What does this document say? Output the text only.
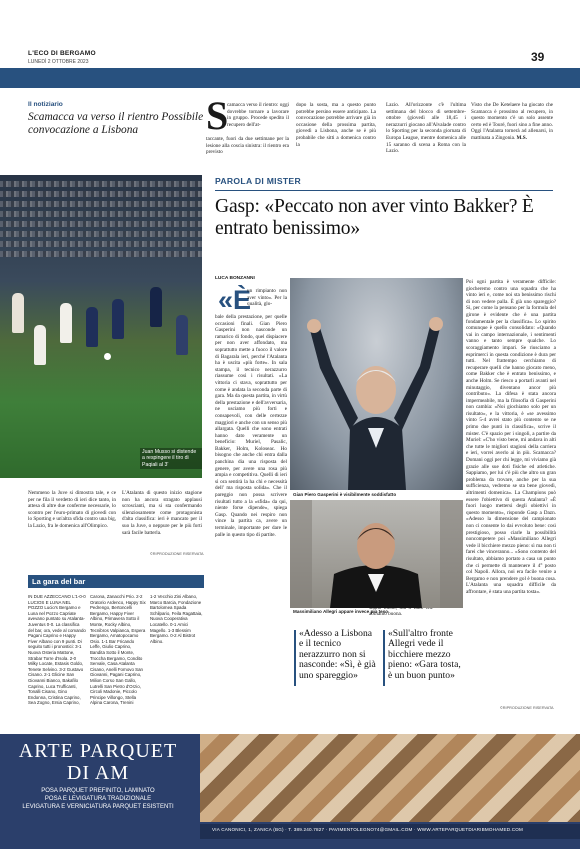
L'ECO DI BERGAMO
LUNEDÌ 2 OTTOBRE 2023	39
Il notiziario
Scamacca va verso il rientro Possibile convocazione a Lisbona	S
camacca verso il rientro: oggi dovrebbe tornare a lavorare in gruppo. Procede spedito il recupero dell'at-
taccante, fuori da due settimane per la lesione alla coscia sinistra: il rientro era previsto
dopo la sosta, ma a questo punto potrebbe persino essere anticipato. La convocazione potrebbe arrivare già in occasione della prossima partita, giovedì a Lisbona, anche se è più probabile che sìtti a domenica contro la
Lazio. All'orizzonte c'è l'ultima settimana del blocco di settembre-ottobre (giovedì alle 18,45 i nerazzurri giocano all'Alvalade contro lo Sporting per la seconda giornata di Europa League, mentre domenica alle 15 saranno di scena a Roma con la Lazio.
Visto che De Ketelaere ha giocato che Scamacca è prossimo al recupero, in questo momento c'è un solo assente certo ed è Touré, fuori sino a fine anno. Oggi l'Atalanta tornerà ad allenarsi, in mattinata a Zingonia. M.S.
Juan Musso si distende a respingere il tiro di Paqiali al 3'
Nemmeno la Juve si dimostra tale, e ce per ne fila il verdetto di ieri dice tanto, in attesa di altre due conferme necessarie, lo scontro per l'euro-primato di giovedì con lo Sporting e un'altra sfida contro una big, la Lazio, fra le domenica all'Olimpico.
L'Atalanta di questo inizio stagione non ha ancora stragato applausi scroscianti, ma si sta confermando silenziosamente come protagonista d'alta classifica: ieri è mancato per il suo la Juve, o neppure per le più forti sarà facile batterla.
©RIPRODUZIONE RISERVATA
La gara del bar
IN DUE AZZECCANO L'1-0-0 LUCIOS E LUNA NEL POZZO Lucio's Bergamo e Luna nel Pozzo Capriate avevano puntato su Atalanta-Juventus 0-0. La classifica del bar, ora, vede al comando Pagani Caprino e Happy Fiver Albano con 9 punti. Di seguito tutti i pronostici: 3-1 Nuova Osteria Mattone, Strabar Torre d'Isola. 2-0 Milky Locate, Estasis Goldo, Tenete Selvino. 3-2 Gustavo Cisano. 2-1 Glicine San Giovanni Bianco, Bakafilo Caprino, Luca Trufficanti, Tonalli Cisano, Gino Endonna, Cristina Caprino, Sea Zogno, Ersia Caprino,
Carona, Zanacchi Prio. 2-2 Oratorio Ardenco, Happy Six Pedrengo, Bertoncelli Bergamo, Happy Fiver Albino, Primavera Sotto il Monte, Rocky Albino, Tecnibros Valpianca, Espera Bergamo, Amatopocamo Osio. 1-1 Bar Fricando Leffe, Giulio Caprino, Bandita Sotto il Monte, Troccha Bergamo, Condito Servale, Casa Atalanta Cisano, Anelli Fornovo San Giovanni, Pagani Caprino, Milion Corso San Gallo, Lutrelli San Pietro d'Orzio, Circoli Madonie, Piccolo Principe Villongo, Stella Alpina Carona, Trenini
1-2 Vecchio Zini Albano, Marco Barcia, Fondazione Bartolomea Spada Schilpario, Feila Ragattaia, Nuova Cooperativa Locatello. 0-1 Amici Magello. 1-3 Blessim Bergamo. 0-2 Al Bistrot Albino.
PAROLA DI MISTER
Gasp: «Peccato non aver vinto Bakker? È entrato benissimo»
LUCA BONZANNI
«È
un rimpianto non aver vinto». Per la qualità, glo-
bale della prestazione, per quelle occasioni finali. Gian Piero Gasperini non nasconde un ramarico di fondo, quel dispiacere per non aver affondato, ma soprattutto mette a fuoco il valore di Bagarala ieri, perché l'Atalanta ha è uscita «più forte». In sala stampa, il tecnico nerazzurro riassume così i risultati. «La vittoria ci stava, soprattutto per come è andata la seconda parte di gara. Ma da questa partita, in virtù della prestazione e dell'avversaria, ne usciamo più forti e consapevoli, con delle certezze maggiori e anche con un senso più allargata. Quelli che sono entrati hanno dato veramente un beneficio: Muriel, Pasalic, Bakker, Holm, Koloseac. Ho bisogno che anche chi entra dalla panchina dia una risposta del genere, per avere una rosa più ampia e competitiva. Quelli di ieri sì ora sentirà la ha chi e necessità dell' ma risposta solida». Che il pareggio non possa scrivere risultati tutto a la «sfida» da qui, niente forse dipende», spiega Gasp. Quando nei respiro non vince la partita ca, avere un terminale, importante per dare le palle in questo tipo di partite.
abbiamo buona.
Poi ogni partita è veramente difficile: giocheremo contro una squadra che ha vinto ieri e, come noi sta benissimo rischi di non vedere palla. È già uno spareggio? Sì, per come la pensano per la formula del girone è evidente che è una partita fondamentale per la classifica». Lo spirito comunque è quello consolidato: «Quando vai in campo internazionale, i sentimenti vanno e tanto sempre qualche. Lo scoraggiamento impari. Se riusciamo a esprimerci in questa condizione è dura per tutti. Nel frattempo cerchiamo di recuperare quelli che hanno giocato meno, come Bakker che è entrato benissimo, e anche Holm. Se riesco a portarli avanti nel minutaggio, diventano ancor più contributo». La difesa è stata ancora impermeabile, ma la filosofia di Gasperini non cambia: «Noi giochiamo solo per un risultato», e la vittoria, è «se avessimo vinto 5-4 avrei stato più contento se ne primo due punti in classifica», scrive il mister. C'è spazio per i singoli, a partire da Muriel: «C'ho visto bene, mi andava in alti che tutte le migliori stagioni della carriera e ieri, vorrei averlo ai in più. Scamacca? Domani oggi per chi legge, mi viviamo già grazie alle sue doti fisiche ed atletiche. Sappiamo, per lui c'è più che altro un gran problema da trovare, anche per la sua sufficienza, vedremo se sta bene giovedì, altrimenti domenica». La Champions può essere l'obiettivo di questa Atalanta? «È fuori luogo mettersi degli obiettivi in questo momento», risponde Gasp a Dazn. «Adesso la dimensione del campionato non ci consente lo dai evvoluto bene: così prestigioso, posso ciarle la possibilità noncompetere poi «Massimiliano Allegri vede il bicchiere mezzo pieno: sì ma non ti farei che vinceranno... «Sono contento del risultato, abbiamo portato a casa un punto che ci permette di mantenere il 4° posto col Napoli. Allora, noi era facile venire a Bergamo e non prendere gol è buona cosa. L'Atalanta una squadra difficile da affrontare, è stata una partita tosta».
©RIPRODUZIONE RISERVATA
Gian Piero Gasperini è visibilmente soddisfatto
Massimiliano Allegri appare invece più teso
«Adesso a Lisbona e il tecnico nerazzurro non si nasconde: «Sì, è già uno spareggio»
«Sull'altro fronte Allegri vede il bicchiere mezzo pieno: «Gara tosta, è un buon punto»
ARTE PARQUET
DI AM
POSA PARQUET PREFINITO, LAMINATO
POSA E LEVIGATURA TRADIZIONALE
LEVIGATURA E VERNICIATURA PARQUET ESISTENTI
VIA CANONICI, 1, ZANICA (BG) · T. 389.240.7827 · PAVIMENTOLEGNO74@GMAIL.COM · WWW.ARTEPARQUETDIARIBMOHAMED.COM
